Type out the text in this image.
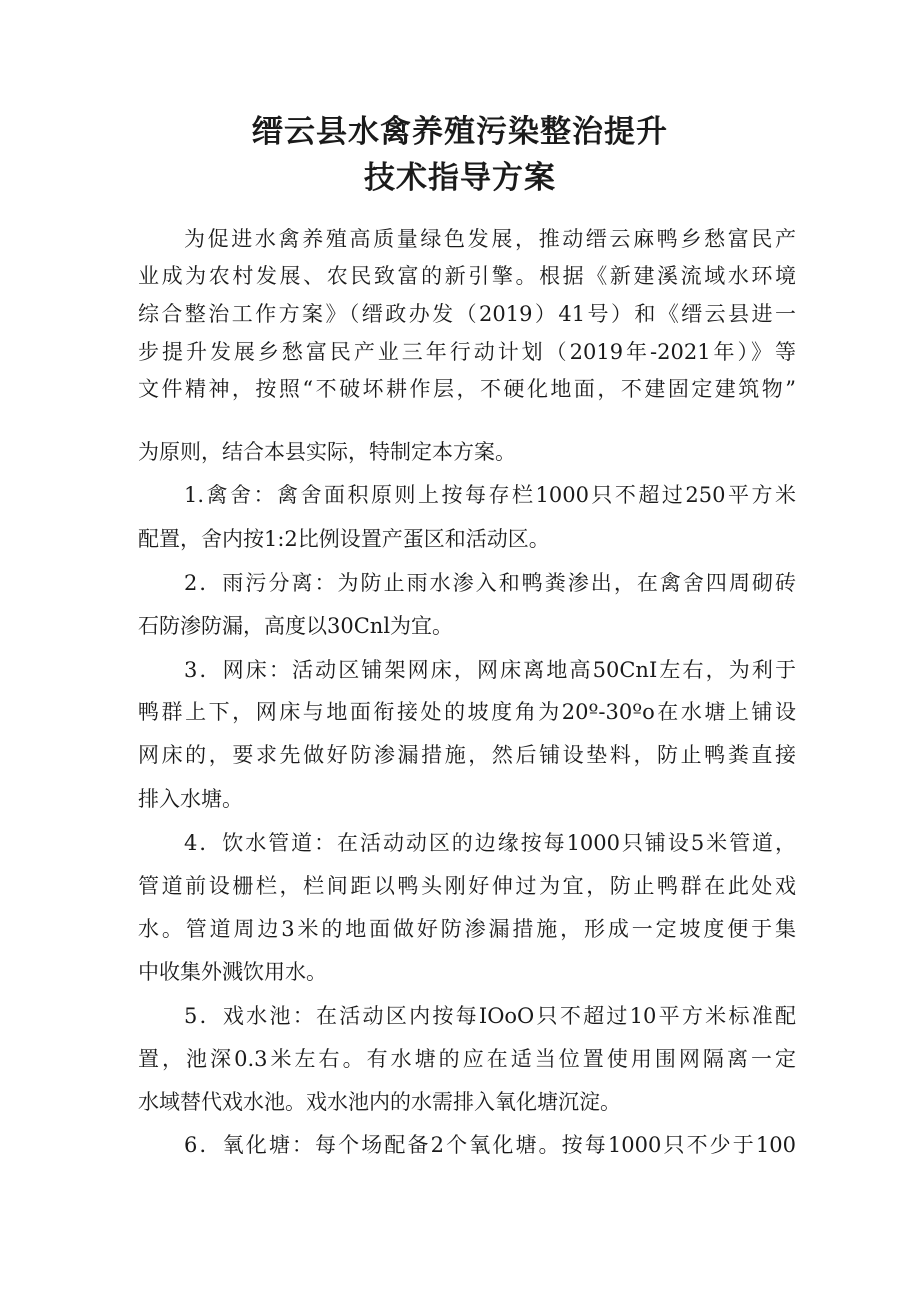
缙云县水禽养殖污染整治提升
技术指导方案
为促进水禽养殖高质量绿色发展，推动缙云麻鸭乡愁富民产
业成为农村发展、农民致富的新引擎。根据《新建溪流域水环境
综合整治工作方案》（缙政办发（2019）41号）和《缙云县进一
步提升发展乡愁富民产业三年行动计划（2019年-2021年）》等
文件精神，按照“不破坏耕作层，不硬化地面，不建固定建筑物”
为原则，结合本县实际，特制定本方案。
1.禽舍：禽舍面积原则上按每存栏1000只不超过250平方米
配置，舍内按1:2比例设置产蛋区和活动区。
2．雨污分离：为防止雨水渗入和鸭粪渗出，在禽舍四周砌砖
石防渗防漏，高度以30Cnl为宜。
3．网床：活动区铺架网床，网床离地高50CnI左右，为利于
鸭群上下，网床与地面衔接处的坡度角为20º-30ºo在水塘上铺设
网床的，要求先做好防渗漏措施，然后铺设垫料，防止鸭粪直接
排入水塘。
4．饮水管道：在活动动区的边缘按每1000只铺设5米管道，
管道前设栅栏，栏间距以鸭头刚好伸过为宜，防止鸭群在此处戏
水。管道周边3米的地面做好防渗漏措施，形成一定坡度便于集
中收集外溅饮用水。
5．戏水池：在活动区内按每IOoO只不超过10平方米标准配
置，池深0.3米左右。有水塘的应在适当位置使用围网隔离一定
水域替代戏水池。戏水池内的水需排入氧化塘沉淀。
6．氧化塘：每个场配备2个氧化塘。按每1000只不少于100
